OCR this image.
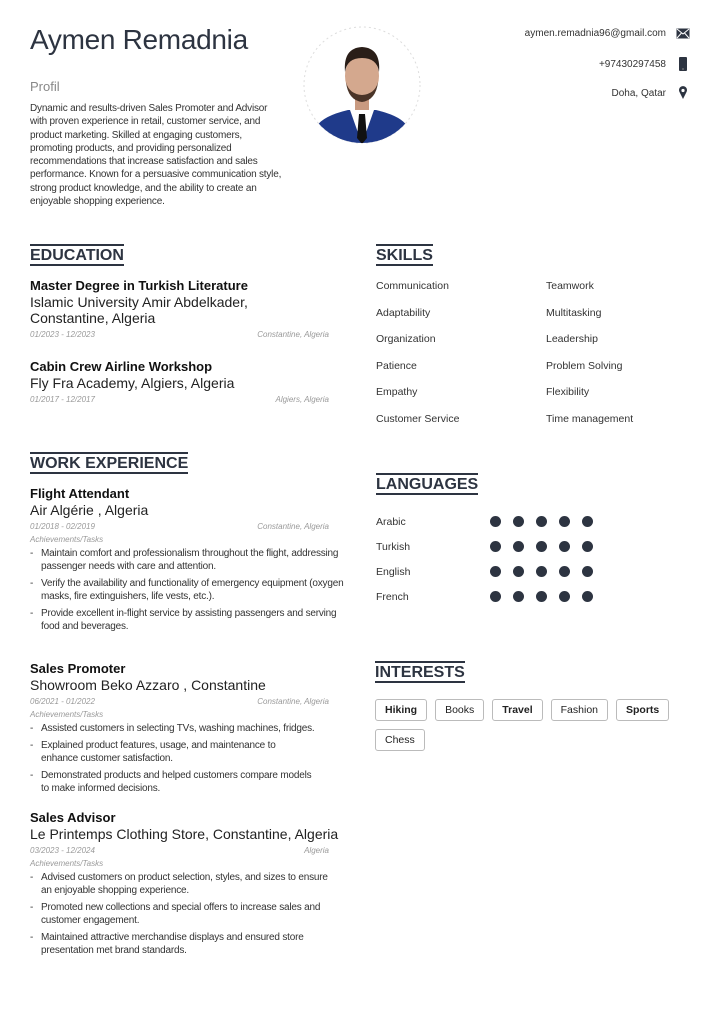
Aymen Remadnia
Profil
Dynamic and results-driven Sales Promoter and Advisor with proven experience in retail, customer service, and product marketing. Skilled at engaging customers, promoting products, and providing personalized recommendations that increase satisfaction and sales performance. Known for a persuasive communication style, strong product knowledge, and the ability to create an enjoyable shopping experience.
aymen.remadnia96@gmail.com
+97430297458
Doha, Qatar
EDUCATION
Master Degree in Turkish Literature
Islamic University Amir Abdelkader, Constantine, Algeria
01/2023 - 12/2023	Constantine, Algeria
Cabin Crew Airline Workshop
Fly Fra Academy, Algiers, Algeria
01/2017 - 12/2017	Algiers, Algeria
WORK EXPERIENCE
Flight Attendant
Air Algérie , Algeria
01/2018 - 02/2019	Constantine, Algeria
Achievements/Tasks
- Maintain comfort and professionalism throughout the flight, addressing passenger needs with care and attention.
- Verify the availability and functionality of emergency equipment (oxygen masks, fire extinguishers, life vests, etc.).
- Provide excellent in-flight service by assisting passengers and serving food and beverages.
Sales Promoter
Showroom Beko Azzaro , Constantine
06/2021 - 01/2022	Constantine, Algeria
Achievements/Tasks
- Assisted customers in selecting TVs, washing machines, fridges.
- Explained product features, usage, and maintenance to enhance customer satisfaction.
- Demonstrated products and helped customers compare models to make informed decisions.
Sales Advisor
Le Printemps Clothing Store, Constantine, Algeria
03/2023 - 12/2024	Algeria
Achievements/Tasks
- Advised customers on product selection, styles, and sizes to ensure an enjoyable shopping experience.
- Promoted new collections and special offers to increase sales and customer engagement.
- Maintained attractive merchandise displays and ensured store presentation met brand standards.
SKILLS
Communication	Teamwork
Adaptability	Multitasking
Organization	Leadership
Patience	Problem Solving
Empathy	Flexibility
Customer Service	Time management
LANGUAGES
Arabic
Turkish
English
French
INTERESTS
Hiking	Books	Travel	Fashion	Sports
Chess
